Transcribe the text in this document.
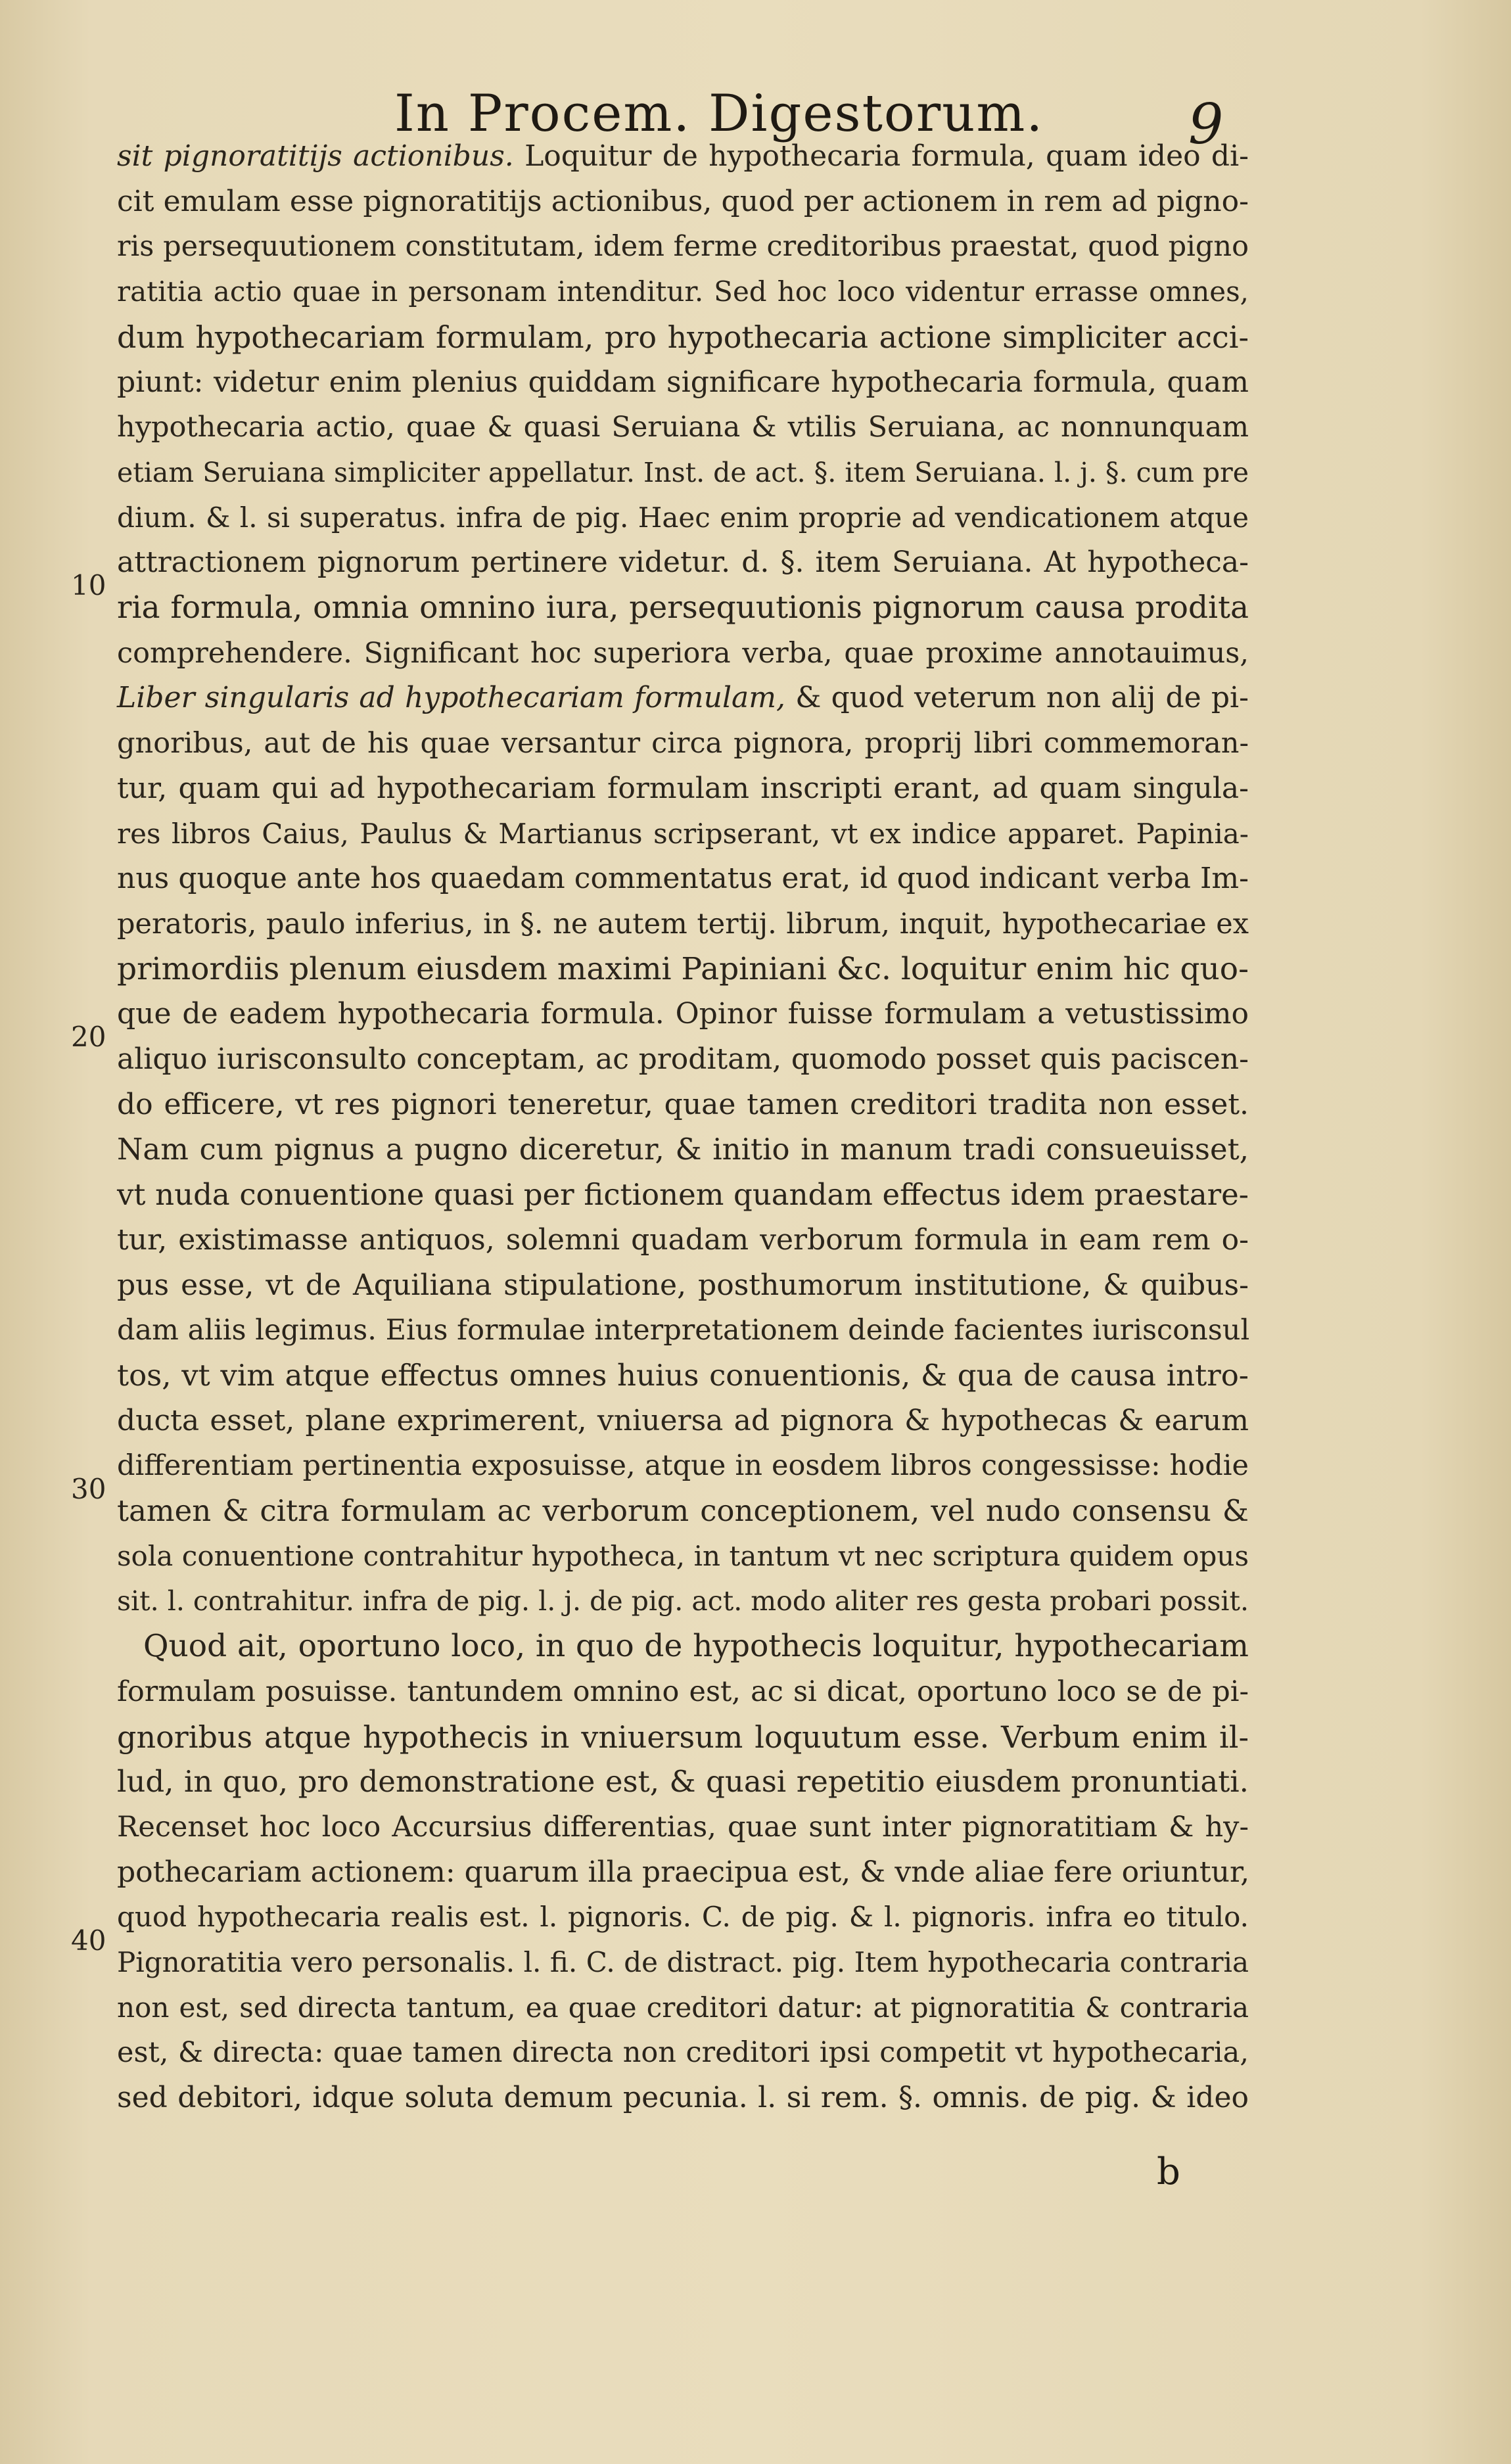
In Procem. Digestorum.	9
sit pignoratitijs actionibus. Loquitur de hypothecaria formula, quam ideo di-
cit emulam esse pignoratitijs actionibus, quod per actionem in rem ad pigno-
ris persequutionem constitutam, idem ferme creditoribus praestat, quod pigno
ratitia actio quae in personam intenditur. Sed hoc loco videntur errasse omnes,
dum hypothecariam formulam, pro hypothecaria actione simpliciter acci-
piunt: videtur enim plenius quiddam significare hypothecaria formula, quam
hypothecaria actio, quae & quasi Seruiana & vtilis Seruiana, ac nonnunquam
etiam Seruiana simpliciter appellatur. Inst. de act. §. item Seruiana. l. j. §. cum pre
dium. & l. si superatus. infra de pig. Haec enim proprie ad vendicationem atque
attractionem pignorum pertinere videtur. d. §. item Seruiana. At hypotheca-
ria formula, omnia omnino iura, persequutionis pignorum causa prodita
comprehendere. Significant hoc superiora verba, quae proxime annotauimus,
Liber singularis ad hypothecariam formulam, & quod veterum non alij de pi-
gnoribus, aut de his quae versantur circa pignora, proprij libri commemoran-
tur, quam qui ad hypothecariam formulam inscripti erant, ad quam singula-
res libros Caius, Paulus & Martianus scripserant, vt ex indice apparet. Papinia-
nus quoque ante hos quaedam commentatus erat, id quod indicant verba Im-
peratoris, paulo inferius, in §. ne autem tertij. librum, inquit, hypothecariae ex
primordiis plenum eiusdem maximi Papiniani &c. loquitur enim hic quo-
que de eadem hypothecaria formula. Opinor fuisse formulam a vetustissimo
aliquo iurisconsulto conceptam, ac proditam, quomodo posset quis paciscen-
do efficere, vt res pignori teneretur, quae tamen creditori tradita non esset.
Nam cum pignus a pugno diceretur, & initio in manum tradi consueuisset,
vt nuda conuentione quasi per fictionem quandam effectus idem praestare-
tur, existimasse antiquos, solemni quadam verborum formula in eam rem o-
pus esse, vt de Aquiliana stipulatione, posthumorum institutione, & quibus-
dam aliis legimus. Eius formulae interpretationem deinde facientes iurisconsul
tos, vt vim atque effectus omnes huius conuentionis, & qua de causa intro-
ducta esset, plane exprimerent, vniuersa ad pignora & hypothecas & earum
differentiam pertinentia exposuisse, atque in eosdem libros congessisse: hodie
tamen & citra formulam ac verborum conceptionem, vel nudo consensu &
sola conuentione contrahitur hypotheca, in tantum vt nec scriptura quidem opus
sit. l. contrahitur. infra de pig. l. j. de pig. act. modo aliter res gesta probari possit.
Quod ait, oportuno loco, in quo de hypothecis loquitur, hypothecariam
formulam posuisse. tantundem omnino est, ac si dicat, oportuno loco se de pi-
gnoribus atque hypothecis in vniuersum loquutum esse. Verbum enim il-
lud, in quo, pro demonstratione est, & quasi repetitio eiusdem pronuntiati.
Recenset hoc loco Accursius differentias, quae sunt inter pignoratitiam & hy-
pothecariam actionem: quarum illa praecipua est, & vnde aliae fere oriuntur,
quod hypothecaria realis est. l. pignoris. C. de pig. & l. pignoris. infra eo titulo.
Pignoratitia vero personalis. l. fi. C. de distract. pig. Item hypothecaria contraria
non est, sed directa tantum, ea quae creditori datur: at pignoratitia & contraria
est, & directa: quae tamen directa non creditori ipsi competit vt hypothecaria,
sed debitori, idque soluta demum pecunia. l. si rem. §. omnis. de pig. & ideo
10
20
30
40
b
